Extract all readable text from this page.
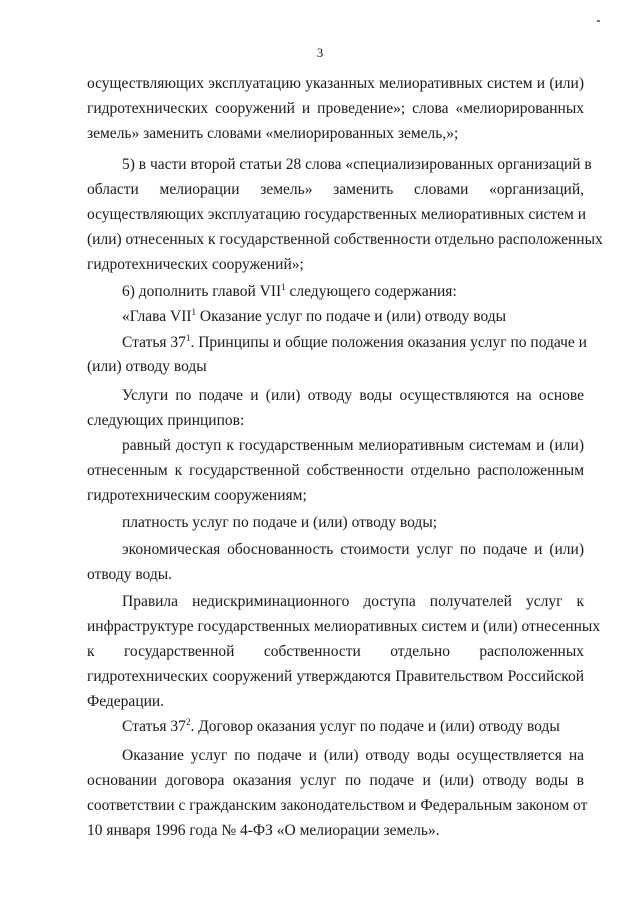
3
осуществляющих эксплуатацию указанных мелиоративных систем и (или)
гидротехнических сооружений и проведение»; слова «мелиорированных
земель» заменить словами «мелиорированных земель,»;
5) в части второй статьи 28 слова «специализированных организаций в
области мелиорации земель» заменить словами «организаций,
осуществляющих эксплуатацию государственных мелиоративных систем и
(или) отнесенных к государственной собственности отдельно расположенных
гидротехнических сооружений»;
6) дополнить главой VII$^1$ следующего содержания:
«Глава VII$^1$ Оказание услуг по подаче и (или) отводу воды
Статья $37^1$. Принципы и общие положения оказания услуг по подаче и
(или) отводу воды
Услуги по подаче и (или) отводу воды осуществляются на основе
следующих принципов:
равный доступ к государственным мелиоративным системам и (или)
отнесенным к государственной собственности отдельно расположенным
гидротехническим сооружениям;
платность услуг по подаче и (или) отводу воды;
экономическая обоснованность стоимости услуг по подаче и (или)
отводу воды.
Правила недискриминационного доступа получателей услуг к
инфраструктуре государственных мелиоративных систем и (или) отнесенных
к государственной собственности отдельно расположенных
гидротехнических сооружений утверждаются Правительством Российской
Федерации.
Статья $37^2$. Договор оказания услуг по подаче и (или) отводу воды
Оказание услуг по подаче и (или) отводу воды осуществляется на
основании договора оказания услуг по подаче и (или) отводу воды в
соответствии с гражданским законодательством и Федеральным законом от
10 января 1996 года № 4-ФЗ «О мелиорации земель».
